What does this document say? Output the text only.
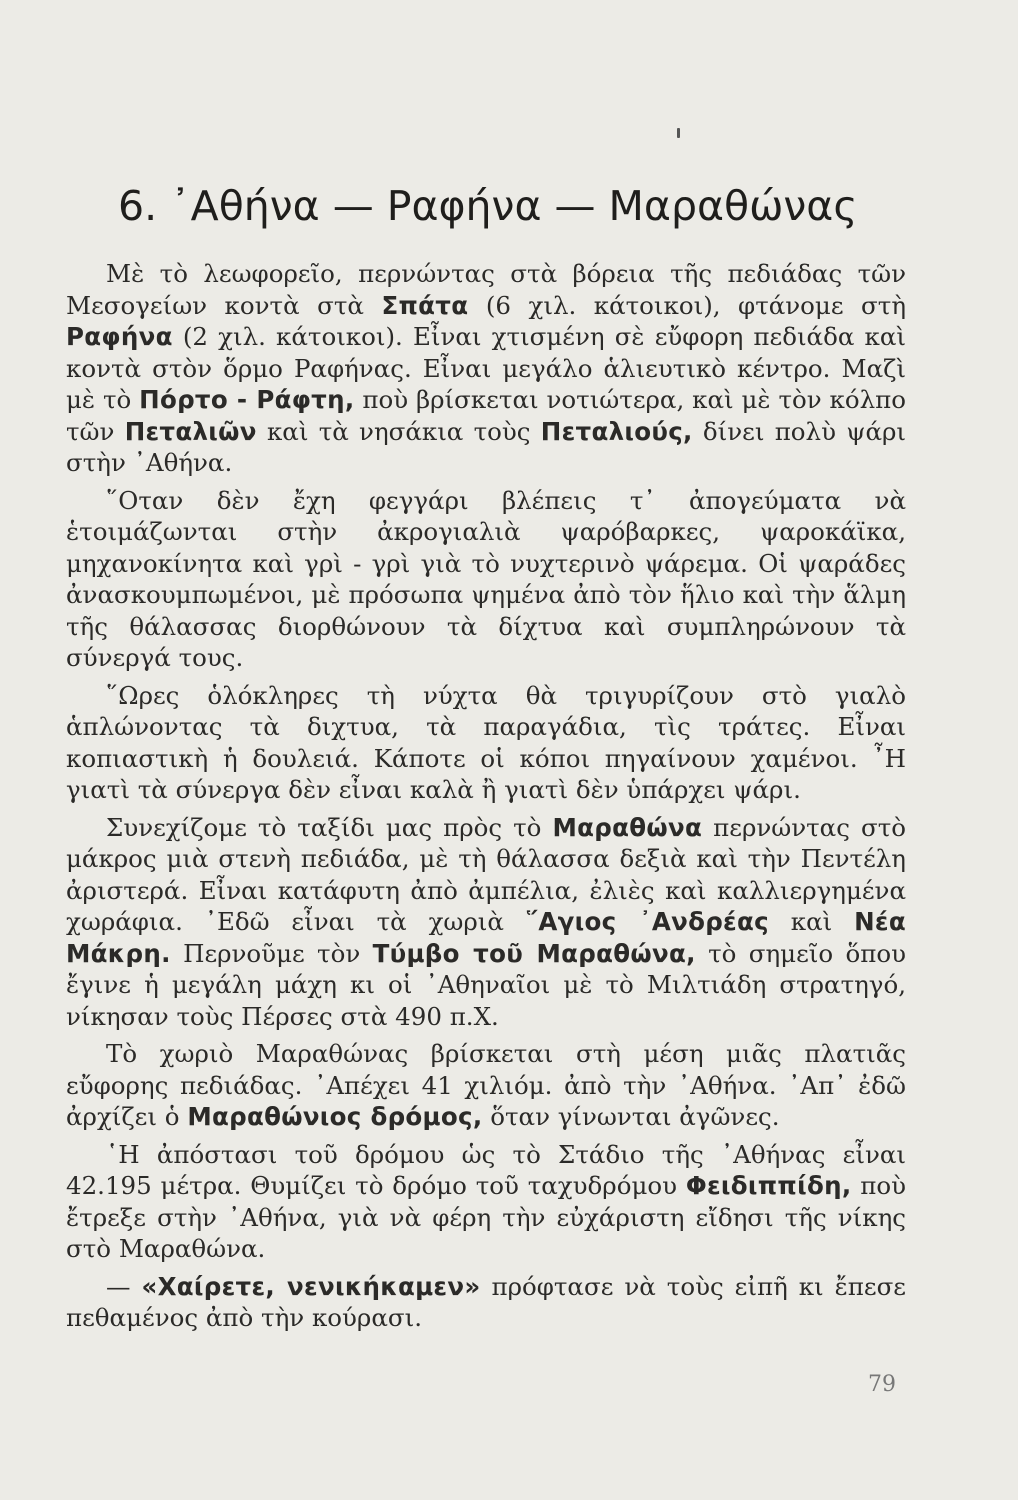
6. ᾿Αθήνα — Ραφήνα — Μαραθώνας

Μὲ τὸ λεωφορεῖο, περνώντας στὰ βόρεια τῆς πεδιάδας τῶν Μεσογείων κοντὰ στὰ Σπάτα (6 χιλ. κάτοικοι), φτάνομε στὴ Ραφήνα (2 χιλ. κάτοικοι). Εἶναι χτισμένη σὲ εὔφορη πεδιάδα καὶ κοντὰ στὸν ὅρμο Ραφήνας. Εἶναι μεγάλο ἁλιευτικὸ κέντρο. Μαζὶ μὲ τὸ Πόρτο - Ράφτη, ποὺ βρίσκεται νοτιώτερα, καὶ μὲ τὸν κόλπο τῶν Πεταλιῶν καὶ τὰ νησάκια τοὺς Πεταλιούς, δίνει πολὺ ψάρι στὴν ᾿Αθήνα.

῞Οταν δὲν ἔχη φεγγάρι βλέπεις τ᾿ ἀπογεύματα νὰ ἑτοιμάζωνται στὴν ἀκρογιαλιὰ ψαρόβαρκες, ψαροκάϊκα, μηχανοκίνητα καὶ γρὶ - γρὶ γιὰ τὸ νυχτερινὸ ψάρεμα. Οἱ ψαράδες ἀνασκουμπωμένοι, μὲ πρόσωπα ψημένα ἀπὸ τὸν ἥλιο καὶ τὴν ἅλμη τῆς θάλασσας διορθώνουν τὰ δίχτυα καὶ συμπληρώνουν τὰ σύνεργά τους.

῞Ωρες ὁλόκληρες τὴ νύχτα θὰ τριγυρίζουν στὸ γιαλὸ ἁπλώνοντας τὰ διχτυα, τὰ παραγάδια, τὶς τράτες. Εἶναι κοπιαστικὴ ἡ δουλειά. Κάποτε οἱ κόποι πηγαίνουν χαμένοι. ῏Η γιατὶ τὰ σύνεργα δὲν εἶναι καλὰ ἢ γιατὶ δὲν ὑπάρχει ψάρι.

Συνεχίζομε τὸ ταξίδι μας πρὸς τὸ Μαραθώνα περνώντας στὸ μάκρος μιὰ στενὴ πεδιάδα, μὲ τὴ θάλασσα δεξιὰ καὶ τὴν Πεντέλη ἀριστερά. Εἶναι κατάφυτη ἀπὸ ἀμπέλια, ἐλιὲς καὶ καλλιεργημένα χωράφια. ᾿Εδῶ εἶναι τὰ χωριὰ ῞Αγιος ᾿Ανδρέας καὶ Νέα Μάκρη. Περνοῦμε τὸν Τύμβο τοῦ Μαραθώνα, τὸ σημεῖο ὅπου ἔγινε ἡ μεγάλη μάχη κι οἱ ᾿Αθηναῖοι μὲ τὸ Μιλτιάδη στρατηγό, νίκησαν τοὺς Πέρσες στὰ 490 π.Χ.

Τὸ χωριὸ Μαραθώνας βρίσκεται στὴ μέση μιᾶς πλατιᾶς εὔφορης πεδιάδας. ᾿Απέχει 41 χιλιόμ. ἀπὸ τὴν ᾿Αθήνα. ᾿Απ᾿ ἐδῶ ἀρχίζει ὁ Μαραθώνιος δρόμος, ὅταν γίνωνται ἀγῶνες.

῾Η ἀπόστασι τοῦ δρόμου ὡς τὸ Στάδιο τῆς ᾿Αθήνας εἶναι 42.195 μέτρα. Θυμίζει τὸ δρόμο τοῦ ταχυδρόμου Φειδιππίδη, ποὺ ἔτρεξε στὴν ᾿Αθήνα, γιὰ νὰ φέρη τὴν εὐχάριστη εἴδησι τῆς νίκης στὸ Μαραθώνα.

— «Χαίρετε, νενικήκαμεν» πρόφτασε νὰ τοὺς εἰπῆ κι ἔπεσε πεθαμένος ἀπὸ τὴν κούρασι.

79
